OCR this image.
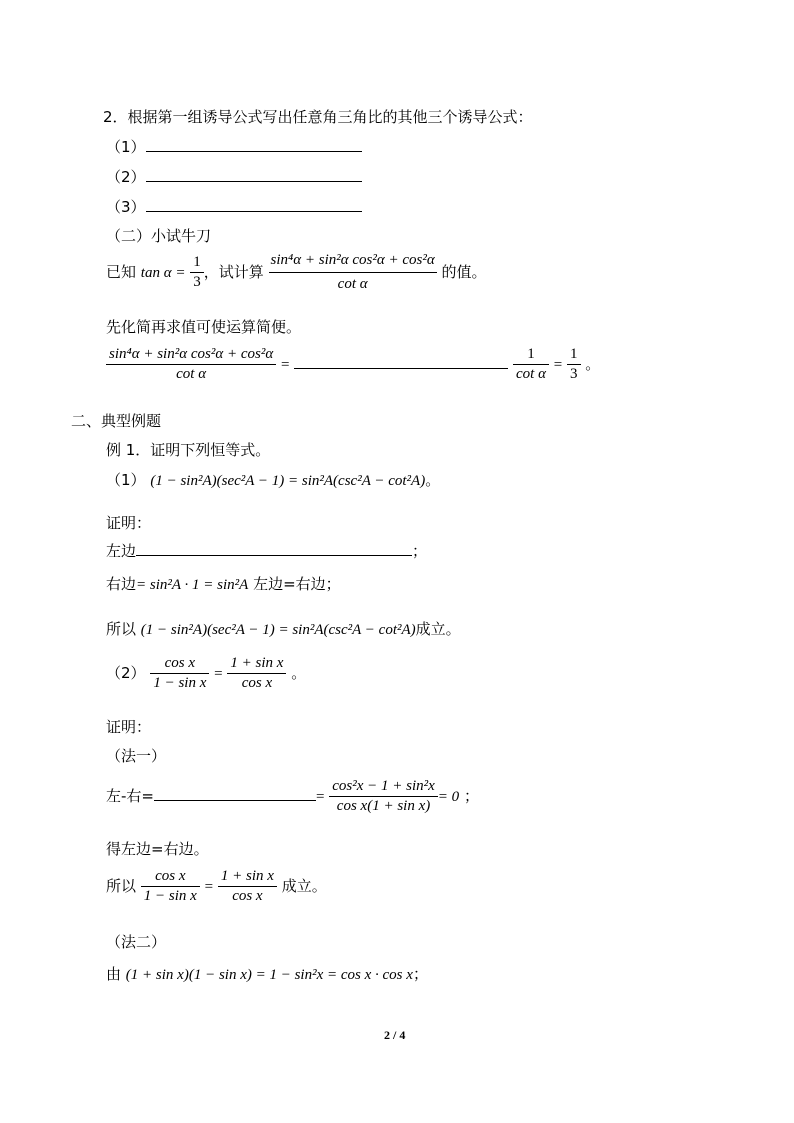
2．根据第一组诱导公式写出任意角三角比的其他三个诱导公式：
（1）
（2）
（3）
（二）小试牛刀
已知 $\tan \alpha = \frac{1}{3}$ ，试计算 $\frac{\text{sin⁴α + sin²α cos²α + cos²α}}{\text{cot α}}$ 的值。
先化简再求值可使运算简便。
$\frac{\text{sin⁴α + sin²α cos²α + cos²α}}{\text{cot α}}$ =	$\frac{1}{\text{cot α}} = \frac{1}{3}$ 。
二、典型例题
例 1．证明下列恒等式。
（1） (1 − sin²A)(sec²A − 1) = sin²A(csc²A − cot²A)。
证明：
左边	；
右边= sin²A · 1 = sin²A 左边=右边；
所以 (1 − sin²A)(sec²A − 1) = sin²A(csc²A − cot²A)成立。
$(2) \frac{\text{cos x}}{\text{1 − sin x}} = \frac{\text{1 + sin x}}{\text{cos x}}$ 。
证明：
（法一）
左-右=	= $\frac{\text{cos²x − 1 + sin²x}}{\text{cos x(1 + sin x)}} = 0$ ；
得左边=右边。
所以 $\frac{\text{cos x}}{\text{1 − sin x}} = \frac{\text{1 + sin x}}{\text{cos x}}$ 成立。
（法二）
由 (1 + sin x)(1 − sin x) = 1 − sin²x = cos x · cos x；
2 / 4
